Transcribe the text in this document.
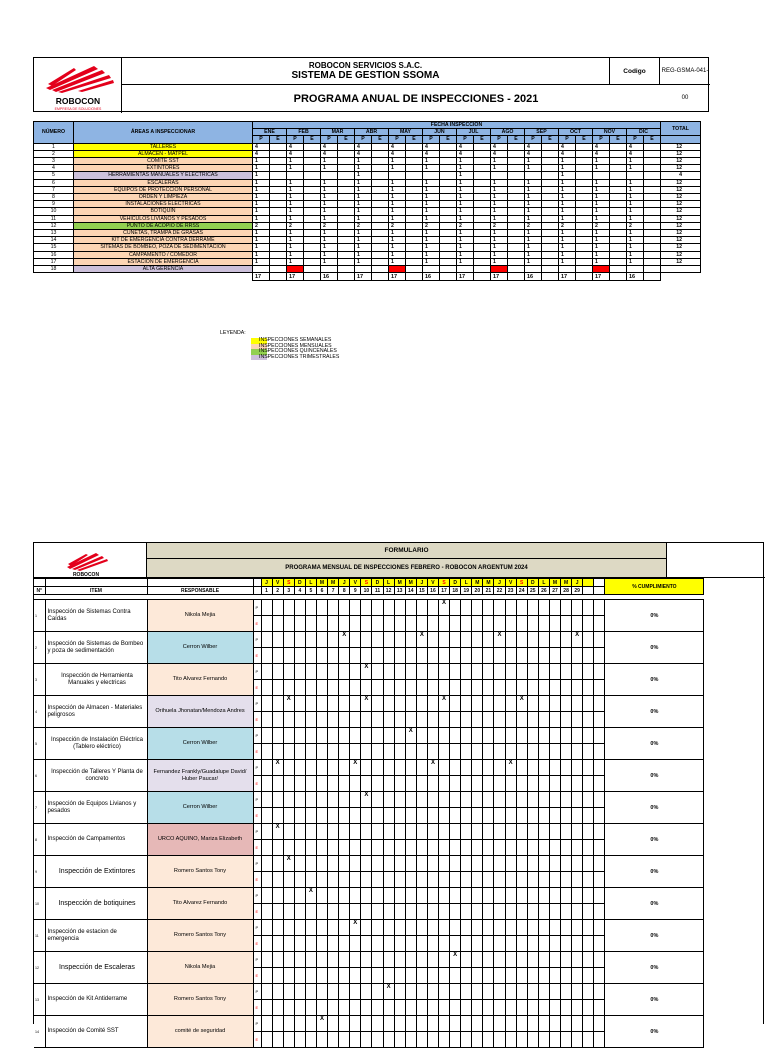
ROBOCON
EMPRESA DE SOLUCIONES
ROBOCON SERVICIOS S.A.C.
SISTEMA DE GESTION SSOMA	Codigo	REG-GSMA-041-00
PROGRAMA ANUAL DE INSPECCIONES - 2021
NÚMERO	ÁREAS A INSPECCIONAR	FECHA INSPECCION																								TOTAL
		ENE		FEB		MAR		ABR		MAY		JUN		JUL		AGO		SEP		OCT		NOV		DIC		
		P	E	P	E	P	E	P	E	P	E	P	E	P	E	P	E	P	E	P	E	P	E	P	E	
1	TALLERES	4		4		4		4		4		4		4		4		4		4		4		4		12
2	ALMACEN - MATPEL	4		4		4		4		4		4		4		4		4		4		4		4		12
3	COMITE SST	1		1		1		1		1		1		1		1		1		1		1		1		12
4	EXTINTORES	1		1		1		1		1		1		1		1		1		1		1		1		12
5	HERRAMIENTAS MANUALES Y ELECTRICAS	1						1						1						1						4
6	ESCALERAS	1		1		1		1		1		1		1		1		1		1		1		1		12
7	EQUIPOS DE PROTECCION PERSONAL	1		1		1		1		1		1		1		1		1		1		1		1		12
8	ORDEN Y LIMPIEZA	1		1		1		1		1		1		1		1		1		1		1		1		12
9	INSTALACIONES ELECTRICAS	1		1		1		1		1		1		1		1		1		1		1		1		12
10	BOTIQUIN	1		1		1		1		1		1		1		1		1		1		1		1		12
11	VEHICULOS LIVIANOS Y PESADOS	1		1		1		1		1		1		1		1		1		1		1		1		12
12	PUNTO DE ACOPIO DE RRSS	2		2		2		2		2		2		2		2		2		2		2		2		12
13	CUNETAS, TRAMPA DE GRASAS	1		1		1		1		1		1		1		1		1		1		1		1		12
14	KIT DE EMERGENCIA CONTRA DERRAME	1		1		1		1		1		1		1		1		1		1		1		1		12
15	SITEMAS DE BOMBEO, POZA DE SEDIMENTACIÓN	1		1		1		1		1		1		1		1		1		1		1		1		12
16	CAMPAMENTO / COMEDOR	1		1		1		1		1		1		1		1		1		1		1		1		12
17	ESTACIÓN DE EMERGENCIA	1		1		1		1		1		1		1		1		1		1		1		1		12
18	ALTA GERENCIA																									
		17		17		16		17		17		16		17		17		16		17		17		16		
LEYENDA:
INSPECCIONES SEMANALES
INSPECCIONES MENSUALES
INSPECCIONES QUINCENALES
INSPECCIONES TRIMESTRALES
ROBOCON
FORMULARIO
PROGRAMA MENSUAL DE INSPECCIONES FEBRERO - ROBOCON ARGENTUM 2024
				J	V	S	D	L	M	M	J	V	S	D	L	M	M	J	V	S	D	L	M	M	J	V	S	D	L	M	M	J			% CUMPLIMIENTO
N°	ITEM	RESPONSABLE		1	2	3	4	5	6	7	8	9	10	11	12	13	14	15	16	17	18	19	20	21	22	23	24	25	26	27	28	29			

1	Inspección de Sistemas Contra Caídas	Nikola Mejia	P																	X															0%
			E																																
2	Inspección de Sistemas de Bombeo y poza de sedimentación	Cerron Wilber	P								X							X							X							X			0%
			E																																
3	Inspección de Herramienta Manuales y electricas	Tito Alvarez Fernando	P										X																						0%
			E																																
4	Inspección de Almacen - Materiales peligrosos	Orihuela Jhonatan/Mendoza Andres	P			X							X							X							X								0%
			E																																
5	Inspección de Instalación Eléctrica (Tablero eléctrico)	Cerron Wilber	P														X																		0%
			E																																
6	Inspección de Talleres Y Planta de concreto	Fernandez Frankly/Guadalupe David/ Huber Paucar/	P		X							X							X							X									0%
			E																																
7	Inspección de Equipos Livianos y pesados	Cerron Wilber	P										X																						0%
			E																																
8	Inspección de Campamentos	URCO AQUINO, Mariza Elizabeth	P		X																														0%
			E																																
9	Inspección de Extintores	Romero Santos Tony	P			X																													0%
			E																																
10	Inspección de botiquines	Tito Alvarez Fernando	P					X																											0%
			E																																
11	Inspección de estacion de emergencia	Romero Santos Tony	P									X																							0%
			E																																
12	Inspección de Escaleras	Nikola Mejia	P																		X														0%
			E																																
13	Inspección de Kit Antiderrame	Romero Santos Tony	P												X																				0%
			E																																
14	Inspección de Comité SST	comité de seguridad	P						X																										0%
			E																																
